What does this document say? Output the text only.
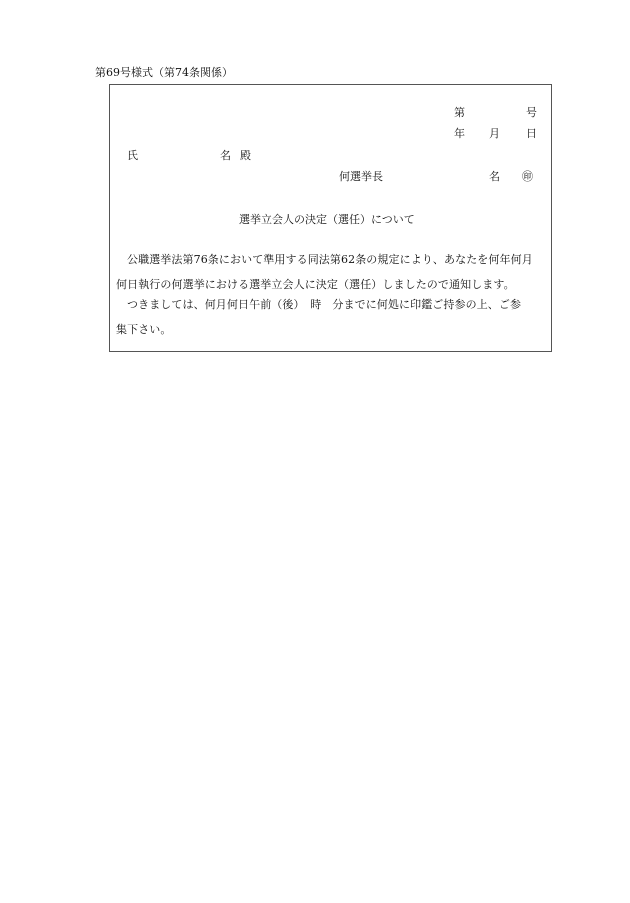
第69号様式（第74条関係）
第	号
年 月 日
氏	名 殿
何選挙長	名 ㊞
選挙立会人の決定（選任）について
公職選挙法第76条において準用する同法第62条の規定により、あなたを何年何月
何日執行の何選挙における選挙立会人に決定（選任）しましたので通知します。
つきましては、何月何日午前（後）　時　分までに何処に印鑑ご持参の上、ご参
集下さい。
